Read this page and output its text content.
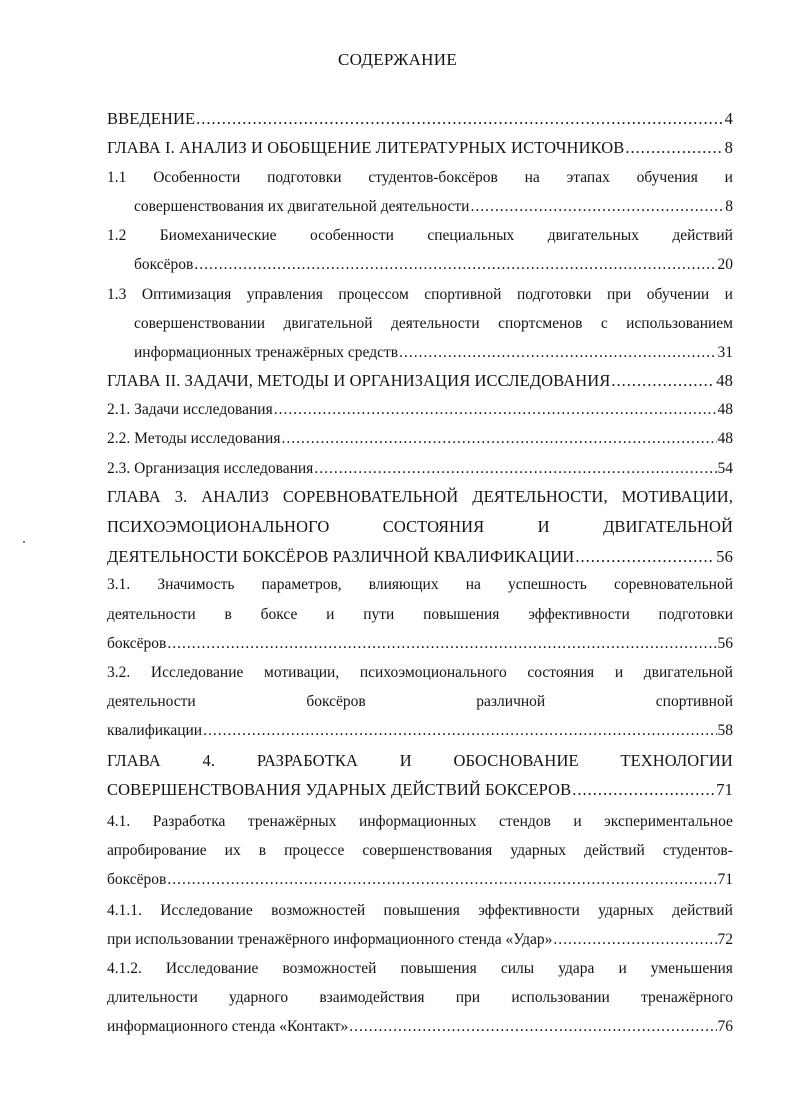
СОДЕРЖАНИЕ
ВВЕДЕНИЕ .....	4
ГЛАВА I. АНАЛИЗ И ОБОБЩЕНИЕ ЛИТЕРАТУРНЫХ ИСТОЧНИКОВ .....	8
1.1 Особенности подготовки студентов-боксёров на этапах обучения и
совершенствования их двигательной деятельности .....	8
1.2 Биомеханические особенности специальных двигательных действий
боксёров .....	20
1.3 Оптимизация управления процессом спортивной подготовки при обучении и
совершенствовании двигательной деятельности спортсменов с использованием
информационных тренажёрных средств .....	31
ГЛАВА II. ЗАДАЧИ, МЕТОДЫ И ОРГАНИЗАЦИЯ ИССЛЕДОВАНИЯ .....	48
2.1. Задачи исследования .....	48
2.2. Методы исследования .....	48
2.3. Организация исследования .....	54
ГЛАВА 3. АНАЛИЗ СОРЕВНОВАТЕЛЬНОЙ ДЕЯТЕЛЬНОСТИ, МОТИВАЦИИ,
ПСИХОЭМОЦИОНАЛЬНОГО	СОСТОЯНИЯ	И	ДВИГАТЕЛЬНОЙ
ДЕЯТЕЛЬНОСТИ БОКСЁРОВ РАЗЛИЧНОЙ КВАЛИФИКАЦИИ .....	56
3.1. Значимость параметров, влияющих на успешность соревновательной
деятельности в боксе и пути повышения эффективности подготовки
боксёров .....	56
3.2. Исследование мотивации, психоэмоционального состояния и двигательной
деятельности	боксёров	различной	спортивной
квалификации .....	58
ГЛАВА	4.	РАЗРАБОТКА	И	ОБОСНОВАНИЕ	ТЕХНОЛОГИИ
СОВЕРШЕНСТВОВАНИЯ УДАРНЫХ ДЕЙСТВИЙ БОКСЕРОВ .....	71
4.1. Разработка тренажёрных информационных стендов и экспериментальное
апробирование их в процессе совершенствования ударных действий студентов-
боксёров .....	71
4.1.1. Исследование возможностей повышения эффективности ударных действий
при использовании тренажёрного информационного стенда «Удар» .....	72
4.1.2. Исследование возможностей повышения силы удара и уменьшения
длительности ударного взаимодействия при использовании тренажёрного
информационного стенда «Контакт» .....	76
